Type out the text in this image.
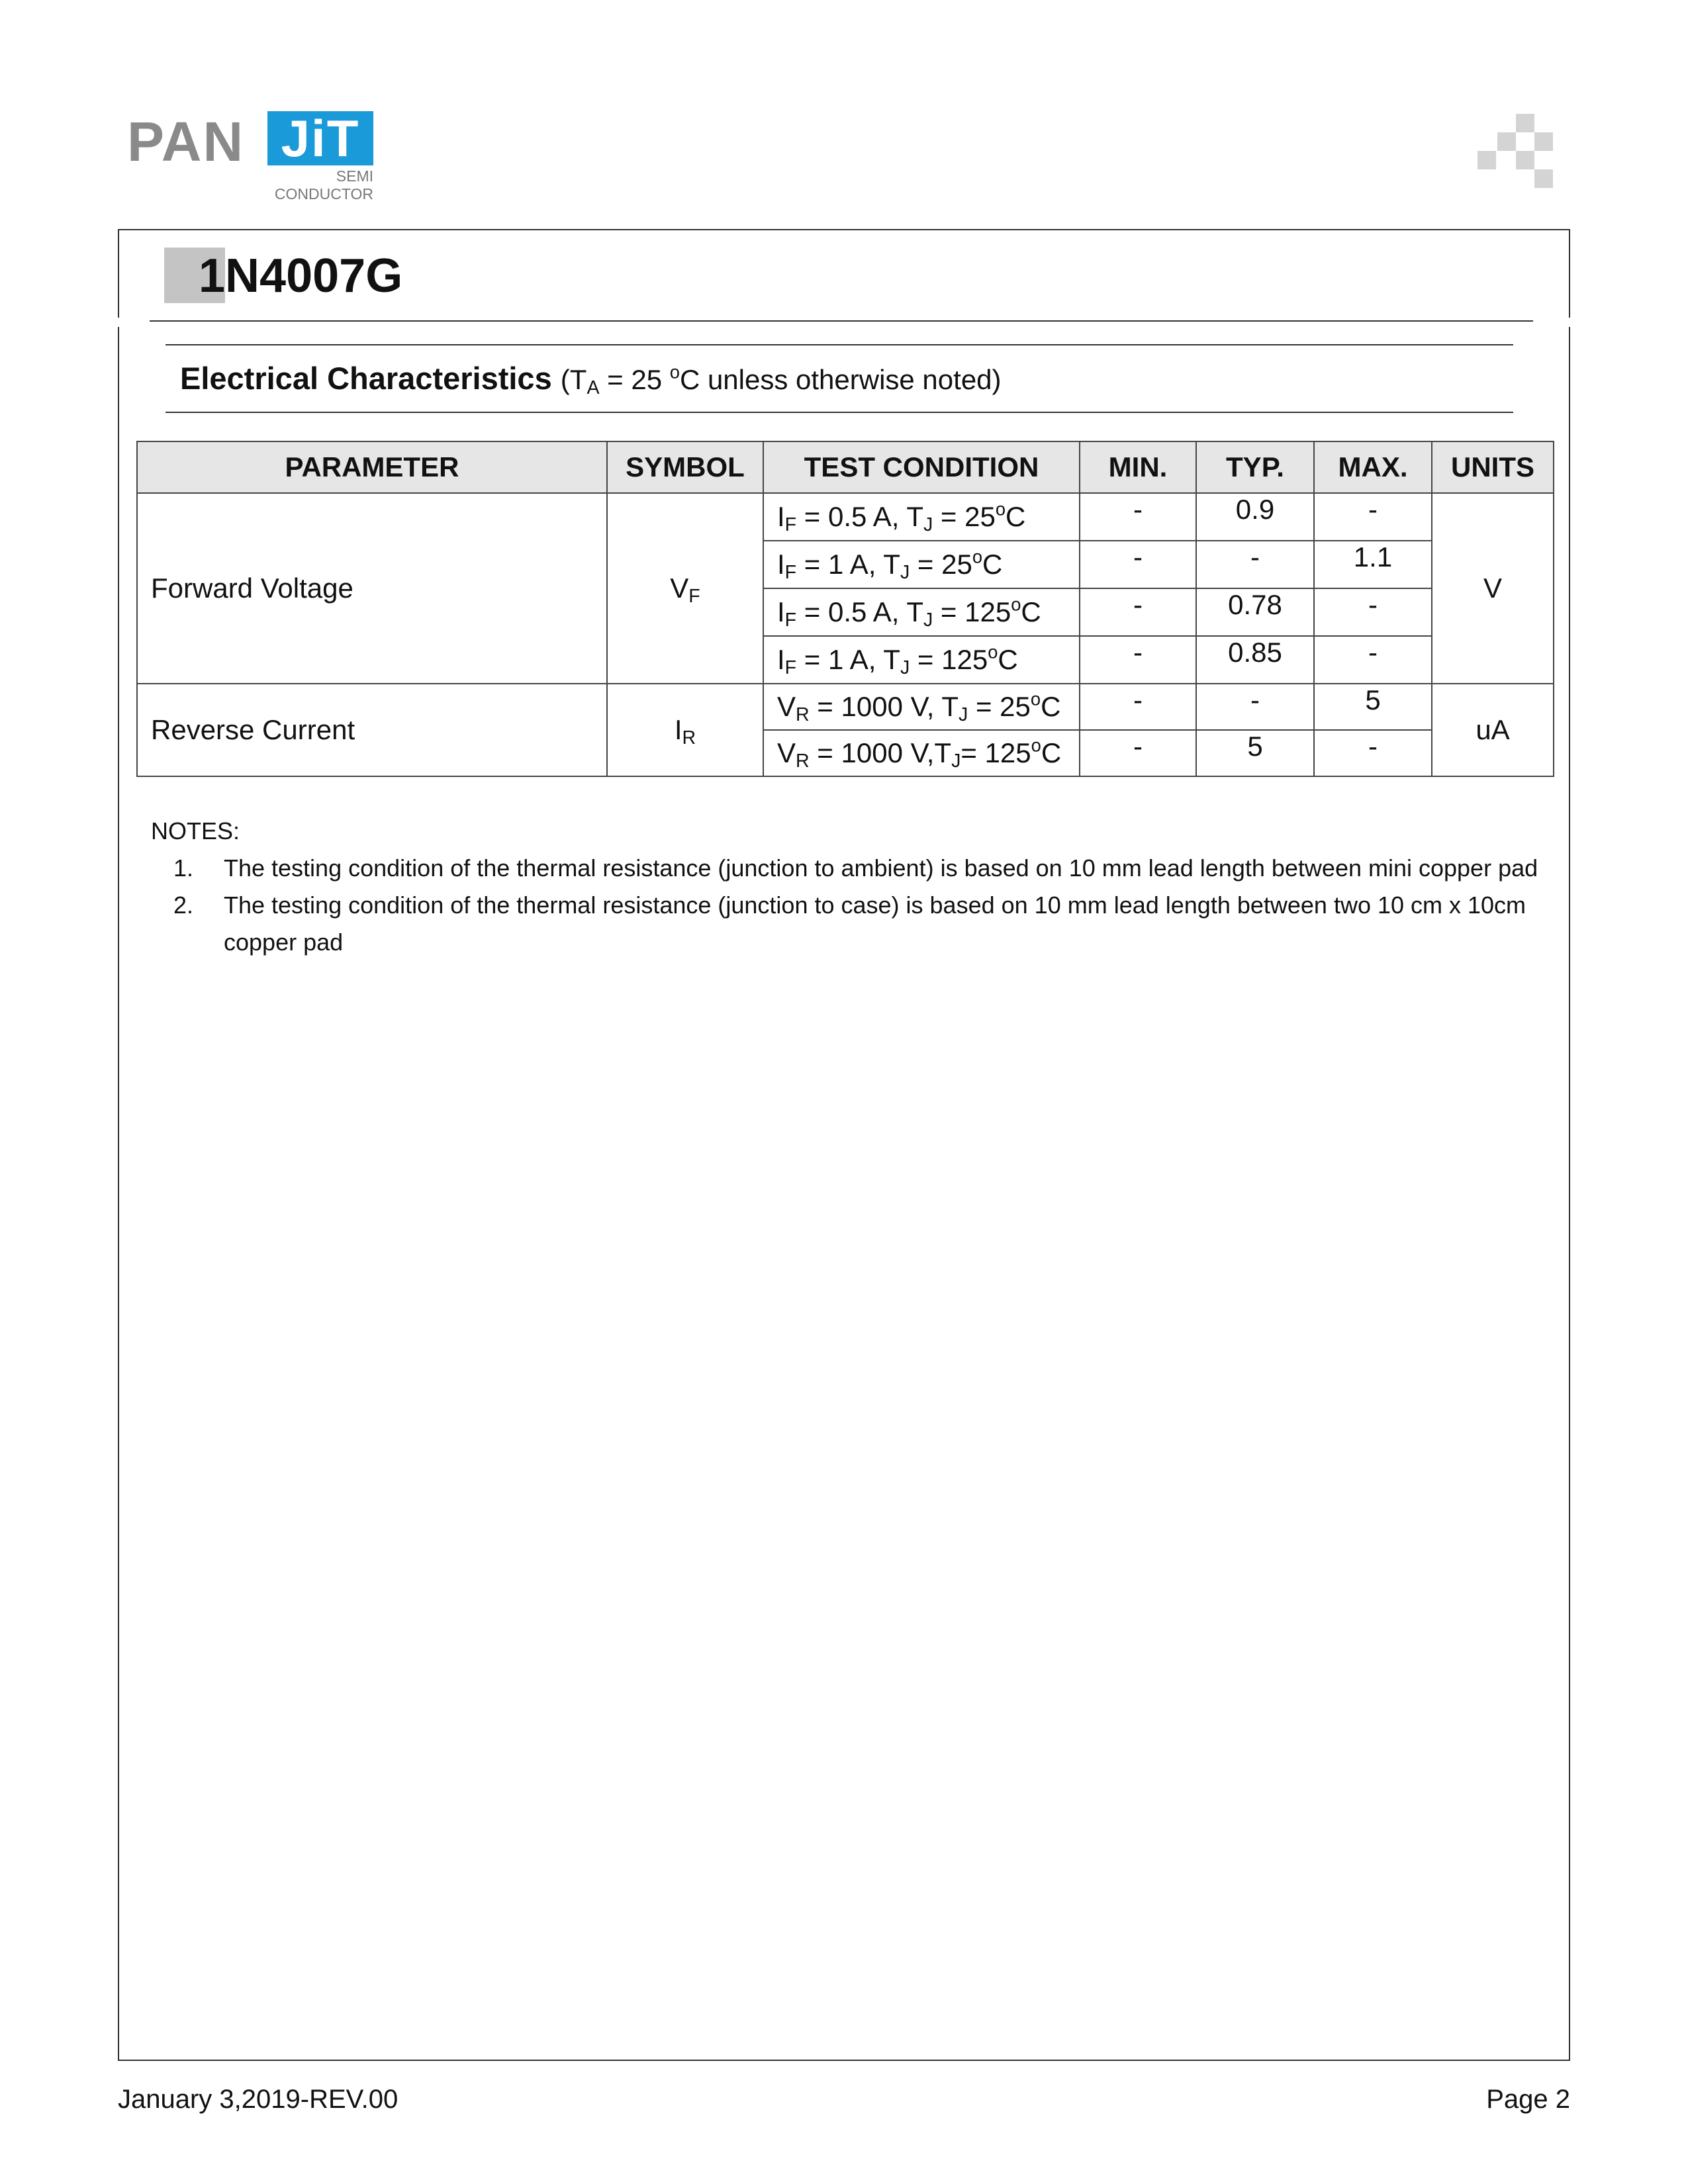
PAN JiT
SEMI
CONDUCTOR
1N4007G
Electrical Characteristics ($T_A = 25$ $^o$C unless otherwise noted)
PARAMETER	SYMBOL	TEST CONDITION	MIN.	TYP.	MAX.	UNITS
Forward Voltage	$V_F$	$I_F = 0.5$ A, $T_J = 25^oC$	-	0.9	-	V
		$I_F = 1$ A, $T_J = 25^oC$	-	-	1.1	
		$I_F = 0.5$ A, $T_J = 125^oC$	-	0.78	-	
		$I_F = 1$ A, $T_J = 125^oC$	-	0.85	-	
Reverse Current	$I_R$	$V_R = 1000$ V, $T_J = 25^oC$	-	-	5	uA
		$V_R = 1000$ $V,T_J= 125^oC$	-	5	-	
NOTES:
1. The testing condition of the thermal resistance (junction to ambient) is based on 10 mm lead length between mini copper pad
2. The testing condition of the thermal resistance (junction to case) is based on 10 mm lead length between two 10 cm x 10cm copper pad
January 3,2019-REV.00	Page 2
